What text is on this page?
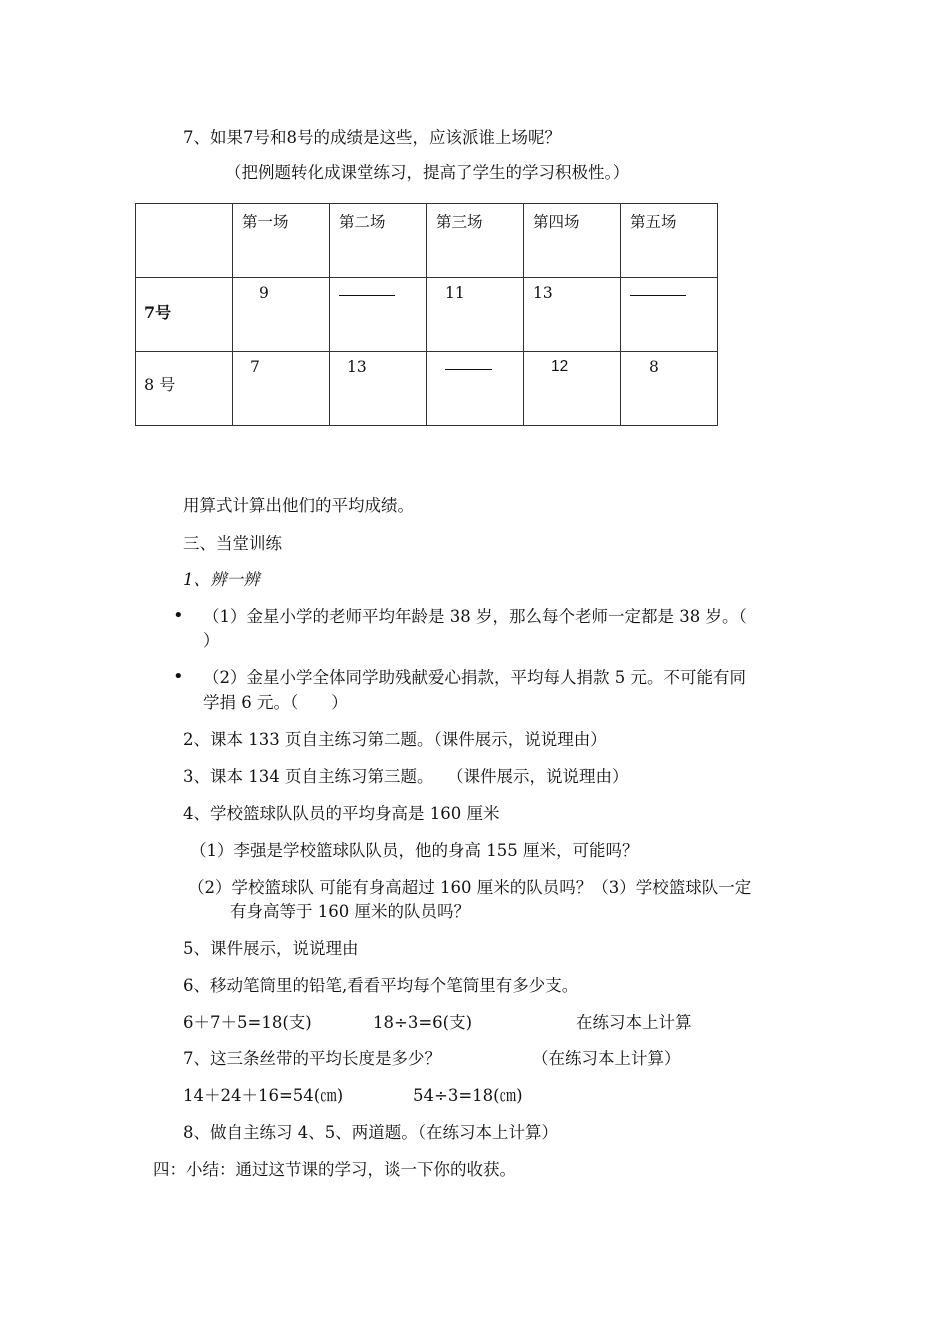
7、如果7号和8号的成绩是这些，应该派谁上场呢？
（把例题转化成课堂练习，提高了学生的学习积极性。）

	第一场	第二场	第三场	第四场	第五场

7号	9		11	13	

8 号	7	13		12	8
用算式计算出他们的平均成绩。
三、当堂训练
1、辨一辨
• （1）金星小学的老师平均年龄是 38 岁，那么每个老师一定都是 38 岁。（
）
• （2）金星小学全体同学助残献爱心捐款，平均每人捐款 5 元。不可能有同
学捐 6 元。（　　）
2、课本 133 页自主练习第二题。（课件展示，说说理由）
3、课本 134 页自主练习第三题。　 （课件展示，说说理由）
4、学校篮球队队员的平均身高是 160 厘米
（1）李强是学校篮球队队员，他的身高 155 厘米，可能吗？
（2）学校篮球队 可能有身高超过 160 厘米的队员吗？（3）学校篮球队一定
有身高等于 160 厘米的队员吗？
5、课件展示，说说理由
6、移动笔筒里的铅笔,看看平均每个笔筒里有多少支。
6＋7＋5=18(支)	18÷3=6(支)	在练习本上计算
7、这三条丝带的平均长度是多少？	（在练习本上计算）
14＋24＋16=54(㎝)	54÷3=18(㎝)
8、做自主练习 4、5、两道题。（在练习本上计算）
四：小结：通过这节课的学习，谈一下你的收获。
